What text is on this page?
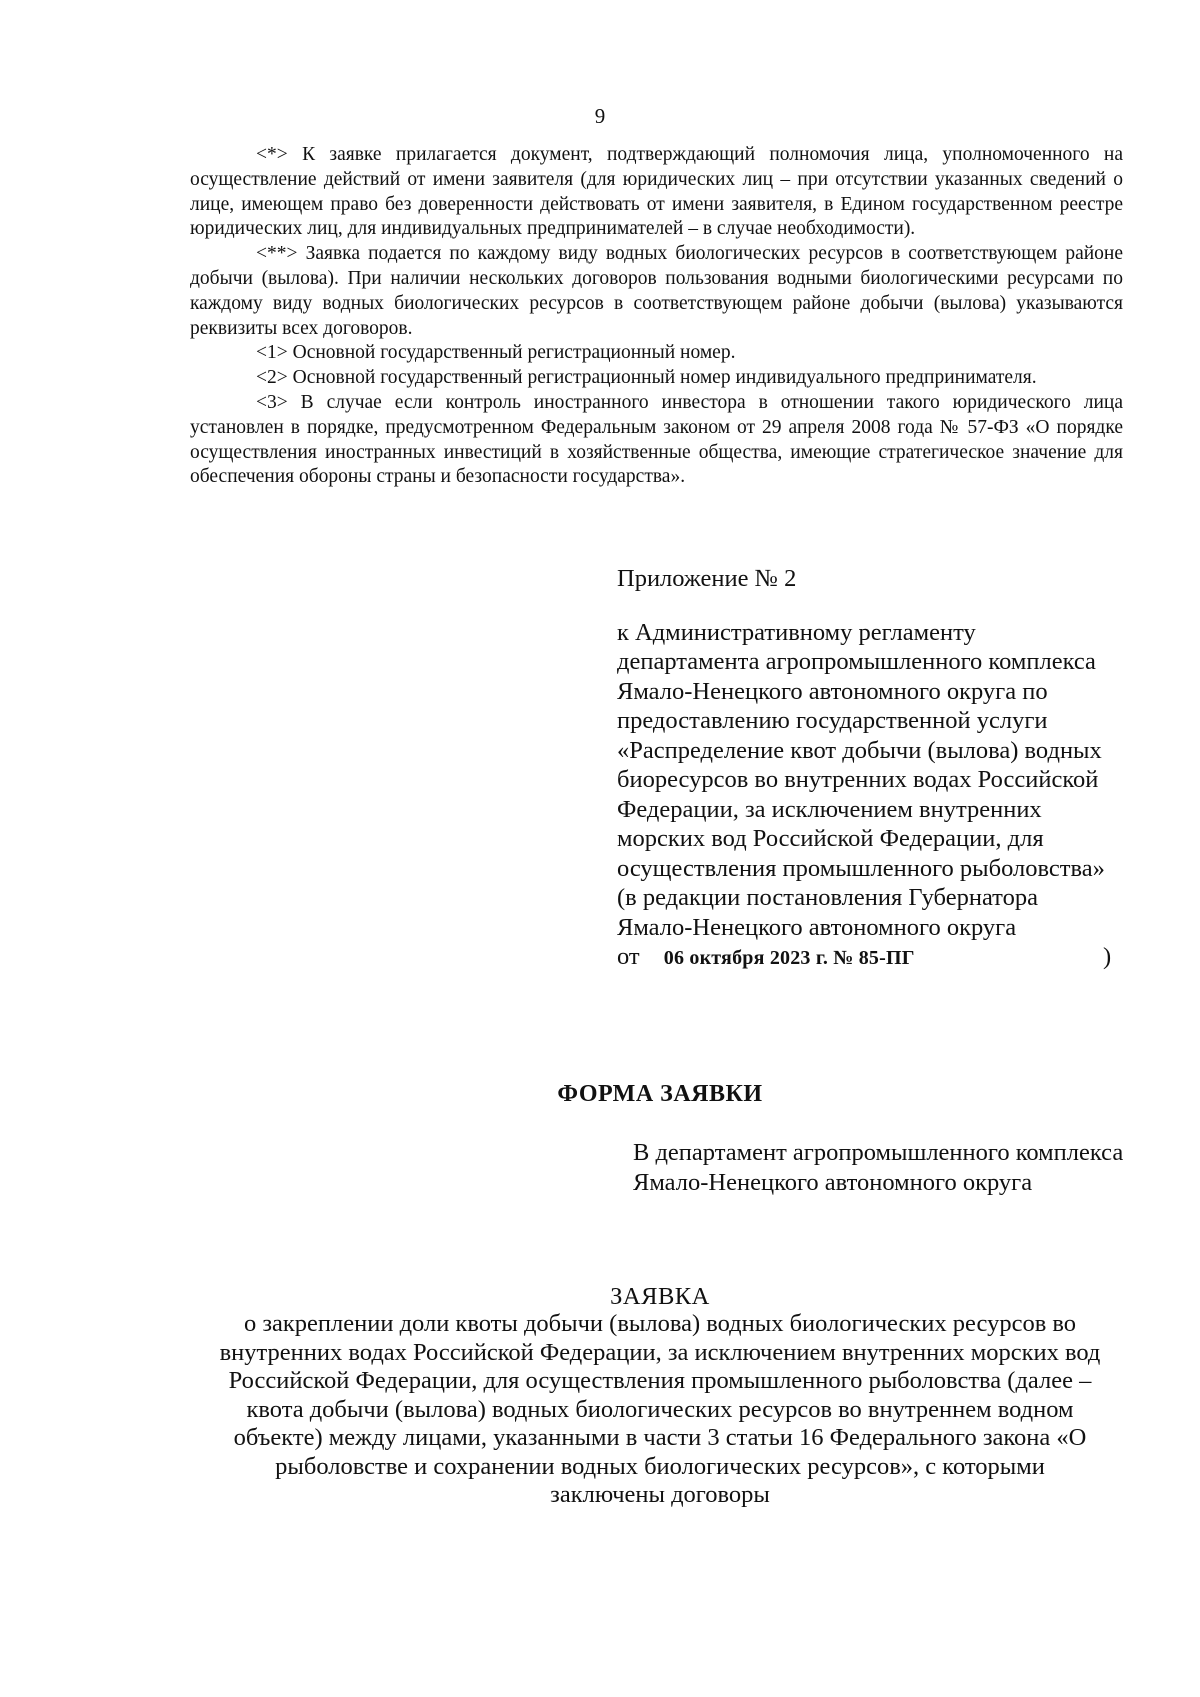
9

<*> К заявке прилагается документ, подтверждающий полномочия лица, уполномоченного на осуществление действий от имени заявителя (для юридических лиц – при отсутствии указанных сведений о лице, имеющем право без доверенности действовать от имени заявителя, в Едином государственном реестре юридических лиц, для индивидуальных предпринимателей – в случае необходимости).

<**> Заявка подается по каждому виду водных биологических ресурсов в соответствующем районе добычи (вылова). При наличии нескольких договоров пользования водными биологическими ресурсами по каждому виду водных биологических ресурсов в соответствующем районе добычи (вылова) указываются реквизиты всех договоров.

<1> Основной государственный регистрационный номер.

<2> Основной государственный регистрационный номер индивидуального предпринимателя.

<3> В случае если контроль иностранного инвестора в отношении такого юридического лица установлен в порядке, предусмотренном Федеральным законом от 29 апреля 2008 года № 57-ФЗ «О порядке осуществления иностранных инвестиций в хозяйственные общества, имеющие стратегическое значение для обеспечения обороны страны и безопасности государства».

Приложение № 2

к Административному регламенту департамента агропромышленного комплекса Ямало-Ненецкого автономного округа по предоставлению государственной услуги «Распределение квот добычи (вылова) водных биоресурсов во внутренних водах Российской Федерации, за исключением внутренних морских вод Российской Федерации, для осуществления промышленного рыболовства» (в редакции постановления Губернатора Ямало-Ненецкого автономного округа

от 06 октября 2023 г. № 85-ПГ	)

ФОРМА ЗАЯВКИ
В департамент агропромышленного комплекса Ямало-Ненецкого автономного округа
ЗАЯВКА
о закреплении доли квоты добычи (вылова) водных биологических ресурсов во внутренних водах Российской Федерации, за исключением внутренних морских вод Российской Федерации, для осуществления промышленного рыболовства (далее – квота добычи (вылова) водных биологических ресурсов во внутреннем водном объекте) между лицами, указанными в части 3 статьи 16 Федерального закона «О рыболовстве и сохранении водных биологических ресурсов», с которыми заключены договоры
